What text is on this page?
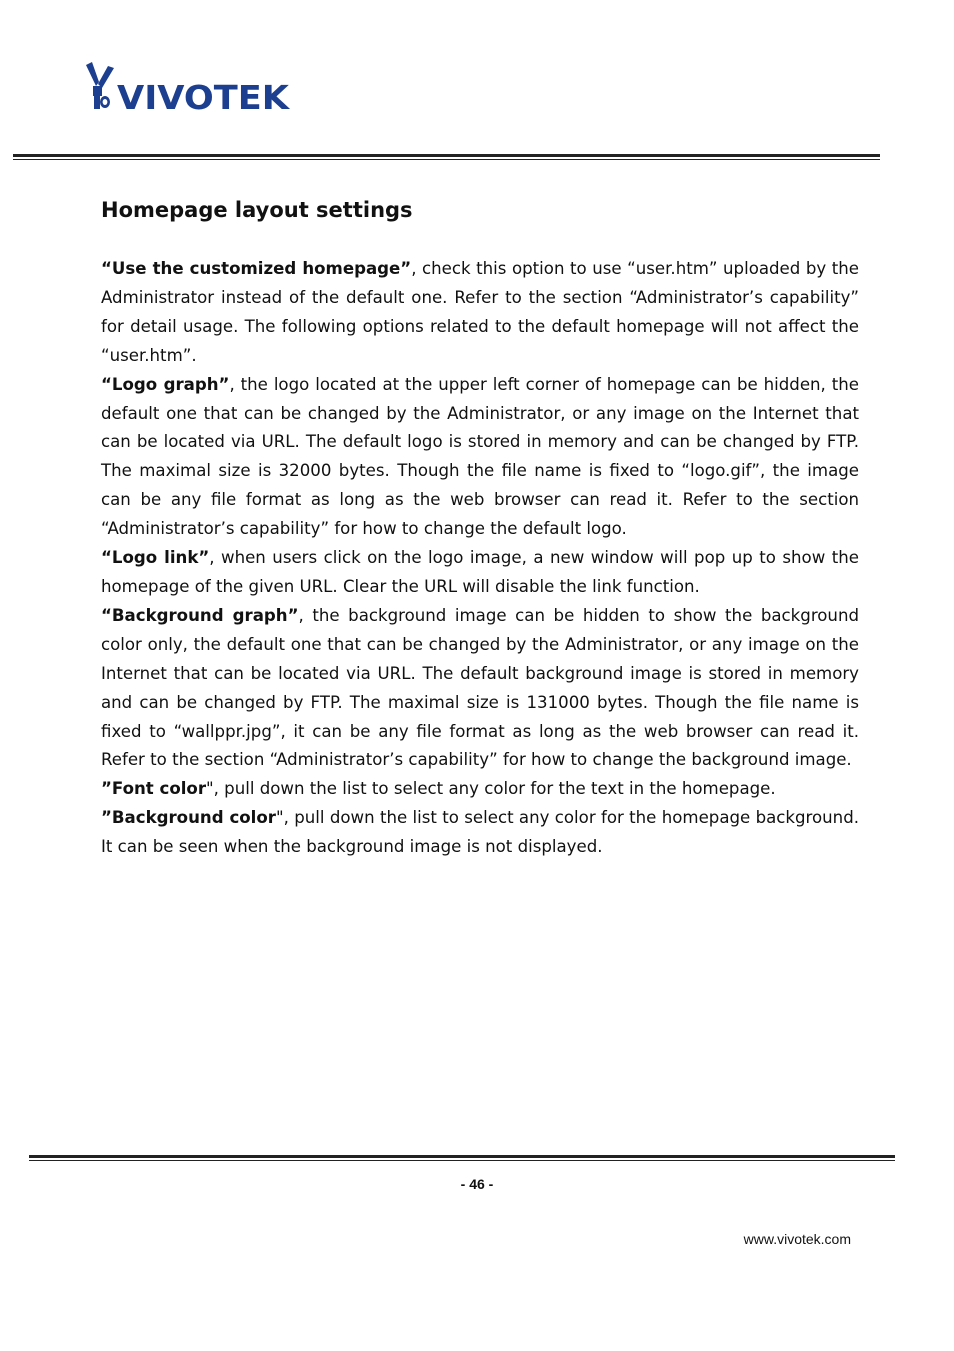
VIVOTEK
Homepage layout settings

“Use the customized homepage”, check this option to use “user.htm” uploaded by the Administrator instead of the default one. Refer to the section “Administrator’s capability” for detail usage. The following options related to the default homepage will not affect the “user.htm”.

“Logo graph”, the logo located at the upper left corner of homepage can be hidden, the default one that can be changed by the Administrator, or any image on the Internet that can be located via URL. The default logo is stored in memory and can be changed by FTP. The maximal size is 32000 bytes. Though the file name is fixed to “logo.gif”, the image can be any file format as long as the web browser can read it. Refer to the section “Administrator’s capability” for how to change the default logo.

“Logo link”, when users click on the logo image, a new window will pop up to show the homepage of the given URL. Clear the URL will disable the link function.

“Background graph”, the background image can be hidden to show the background color only, the default one that can be changed by the Administrator, or any image on the Internet that can be located via URL. The default background image is stored in memory and can be changed by FTP. The maximal size is 131000 bytes. Though the file name is fixed to “wallppr.jpg”, it can be any file format as long as the web browser can read it. Refer to the section “Administrator’s capability” for how to change the background image.

”Font color", pull down the list to select any color for the text in the homepage.

”Background color", pull down the list to select any color for the homepage background. It can be seen when the background image is not displayed.

- 46 -
www.vivotek.com
